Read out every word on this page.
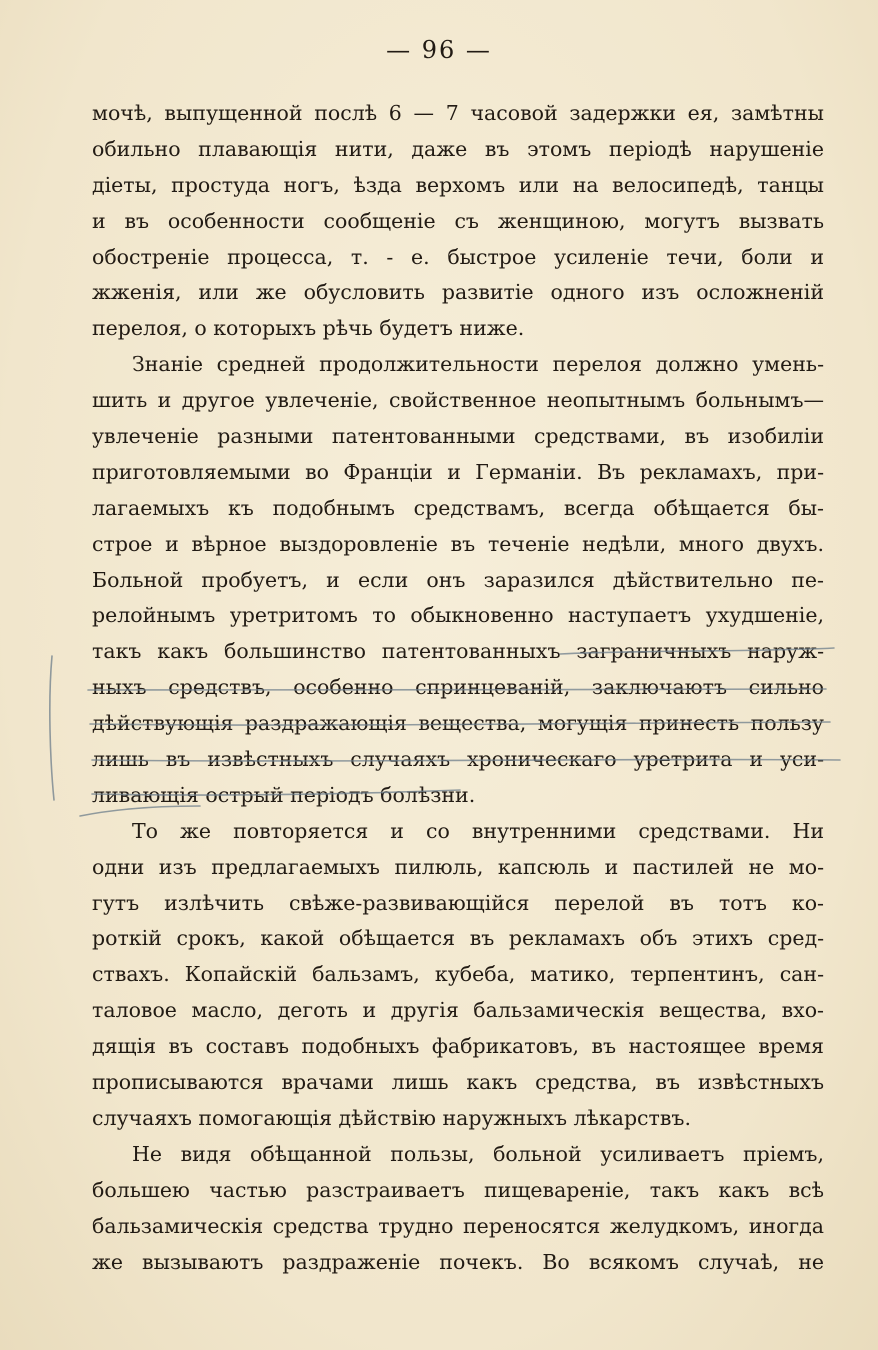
— 96 —
мочѣ, выпущенной послѣ 6 — 7 часовой задержки ея, замѣтны
обильно плавающія нити, даже въ этомъ періодѣ нарушеніе
діеты, простуда ногъ, ѣзда верхомъ или на велосипедѣ, танцы
и въ особенности сообщеніе съ женщиною, могутъ вызвать
обостреніе процесса, т. - е. быстрое усиленіе течи, боли и
жженія, или же обусловить развитіе одного изъ осложненій
перелоя, о которыхъ рѣчь будетъ ниже.
Знаніе средней продолжительности перелоя должно умень-
шить и другое увлеченіе, свойственное неопытнымъ больнымъ—
увлеченіе разными патентованными средствами, въ изобиліи
приготовляемыми во Франціи и Германіи. Въ рекламахъ, при-
лагаемыхъ къ подобнымъ средствамъ, всегда обѣщается бы-
строе и вѣрное выздоровленіе въ теченіе недѣли, много двухъ.
Больной пробуетъ, и если онъ заразился дѣйствительно пе-
релойнымъ уретритомъ то обыкновенно наступаетъ ухудшеніе,
такъ какъ большинство патентованныхъ заграничныхъ наруж-
ныхъ средствъ, особенно спринцеваній, заключаютъ сильно
дѣйствующія раздражающія вещества, могущія принесть пользу
лишь въ извѣстныхъ случаяхъ хроническаго уретрита и уси-
ливающія острый періодъ болѣзни.
То же повторяется и со внутренними средствами. Ни
одни изъ предлагаемыхъ пилюль, капсюль и пастилей не мо-
гутъ излѣчить свѣже-развивающійся перелой въ тотъ ко-
роткій срокъ, какой обѣщается въ рекламахъ объ этихъ сред-
ствахъ. Копайскій бальзамъ, кубеба, матико, терпентинъ, сан-
таловое масло, деготь и другія бальзамическія вещества, вхо-
дящія въ составъ подобныхъ фабрикатовъ, въ настоящее время
прописываются врачами лишь какъ средства, въ извѣстныхъ
случаяхъ помогающія дѣйствію наружныхъ лѣкарствъ.
Не видя обѣщанной пользы, больной усиливаетъ пріемъ,
большею частью разстраиваетъ пищевареніе, такъ какъ всѣ
бальзамическія средства трудно переносятся желудкомъ, иногда
же вызываютъ раздраженіе почекъ. Во всякомъ случаѣ, не
